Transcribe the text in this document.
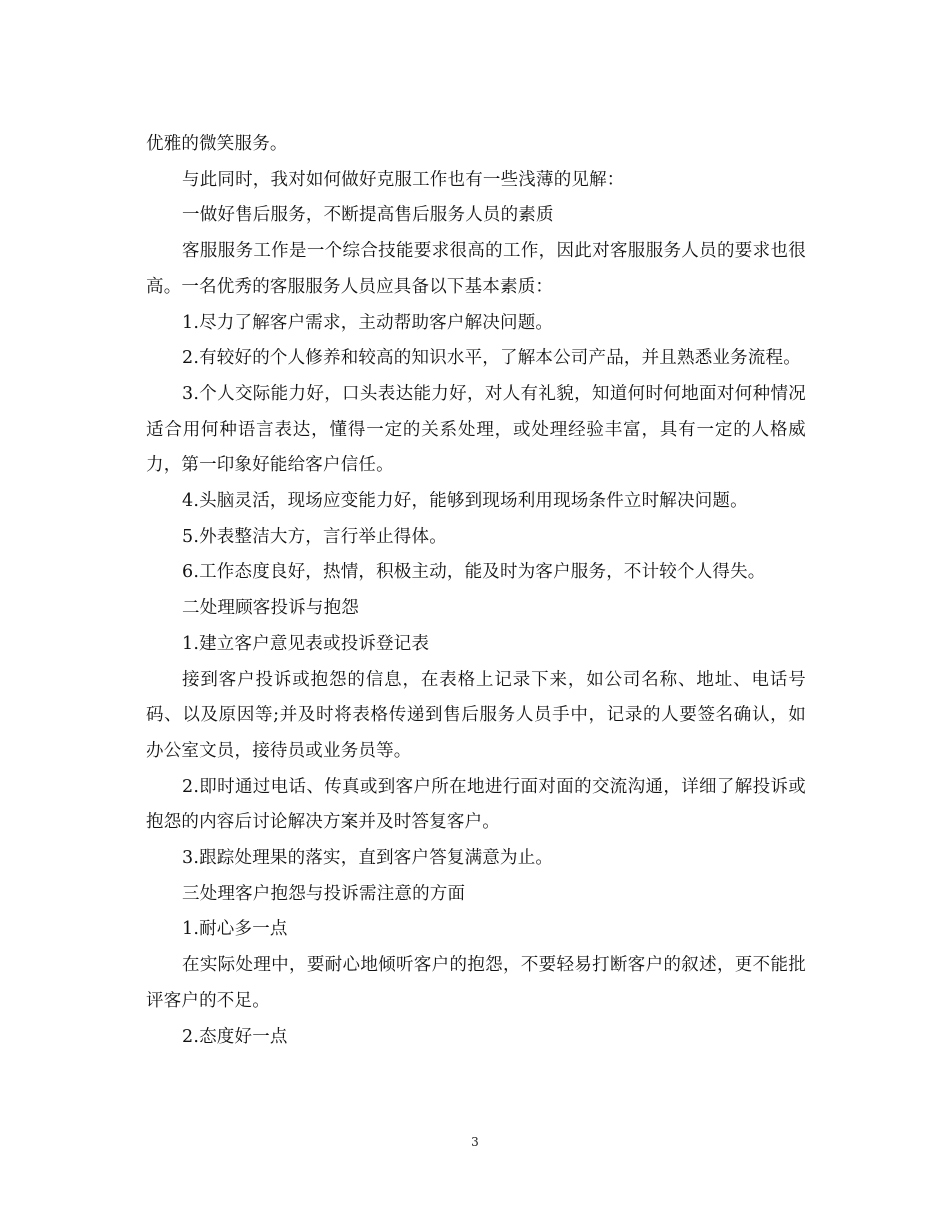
优雅的微笑服务。

与此同时，我对如何做好克服工作也有一些浅薄的见解：

一做好售后服务，不断提高售后服务人员的素质

客服服务工作是一个综合技能要求很高的工作，因此对客服服务人员的要求也很高。一名优秀的客服服务人员应具备以下基本素质：

1.尽力了解客户需求，主动帮助客户解决问题。

2.有较好的个人修养和较高的知识水平，了解本公司产品，并且熟悉业务流程。

3.个人交际能力好，口头表达能力好，对人有礼貌，知道何时何地面对何种情况适合用何种语言表达，懂得一定的关系处理，或处理经验丰富，具有一定的人格威力，第一印象好能给客户信任。

4.头脑灵活，现场应变能力好，能够到现场利用现场条件立时解决问题。

5.外表整洁大方，言行举止得体。

6.工作态度良好，热情，积极主动，能及时为客户服务，不计较个人得失。

二处理顾客投诉与抱怨

1.建立客户意见表或投诉登记表

接到客户投诉或抱怨的信息，在表格上记录下来，如公司名称、地址、电话号码、以及原因等;并及时将表格传递到售后服务人员手中，记录的人要签名确认，如办公室文员，接待员或业务员等。

2.即时通过电话、传真或到客户所在地进行面对面的交流沟通，详细了解投诉或抱怨的内容后讨论解决方案并及时答复客户。

3.跟踪处理果的落实，直到客户答复满意为止。

三处理客户抱怨与投诉需注意的方面

1.耐心多一点

在实际处理中，要耐心地倾听客户的抱怨，不要轻易打断客户的叙述，更不能批评客户的不足。

2.态度好一点

3
